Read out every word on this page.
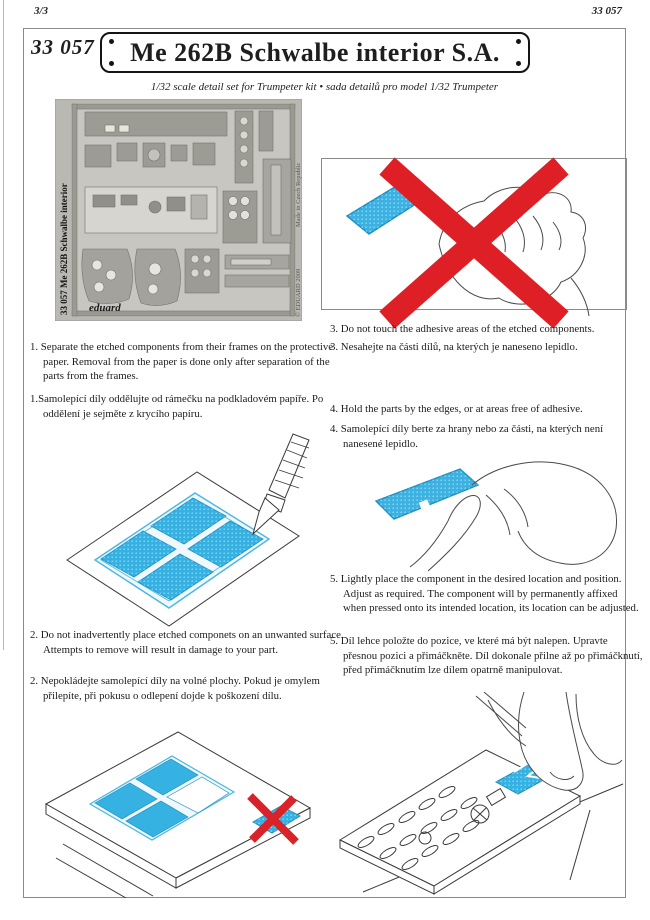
3/3	33 057
33 057 Me 262B Schwalbe interior S.A.
1/32 scale detail set for Trumpeter kit • sada detailů pro model 1/32 Trumpeter
33 057 Me 262B Schwalbe interior	Made in Czech Republic
© EDUARD 2009
eduard
1. Separate the etched components from their frames on the protective paper. Removal from the paper is done only after separation of the parts from the frames.
1.Samolepící díly oddělujte od rámečku na podkladovém papíře. Po oddělení je sejměte z krycího papíru.
3. Do not touch the adhesive areas of the etched components.
3. Nesahejte na části dílů, na kterých je naneseno lepidlo.
4. Hold the parts by the edges, or at areas free of adhesive.
4. Samolepící díly berte za hrany nebo za části, na kterých není nanesené lepidlo.
5. Lightly place the component in the desired location and position. Adjust as required. The component will by permanently affixed when pressed onto its intended location, its location can be adjusted.
5. Díl lehce položte do pozice, ve které má být nalepen. Upravte přesnou pozici a přimáčkněte. Díl dokonale přilne až po přimáčknutí, před přimáčknutím lze dílem opatrně manipulovat.
2. Do not inadvertently place etched componets on an unwanted surface. Attempts to remove will result in damage to your part.
2. Nepokládejte samolepící díly na volné plochy. Pokud je omylem přilepíte, při pokusu o odlepení dojde k poškození dílu.
